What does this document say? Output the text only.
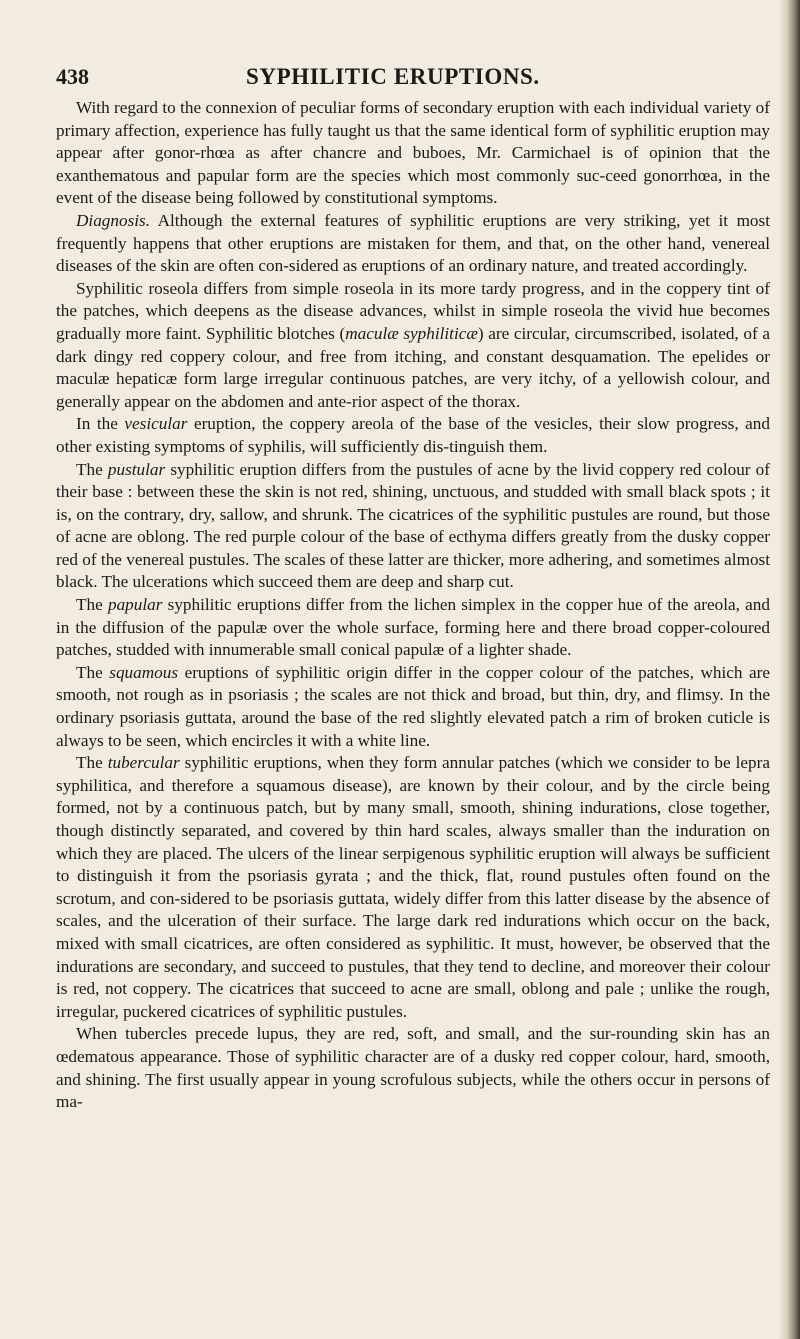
438	SYPHILITIC ERUPTIONS.

With regard to the connexion of peculiar forms of secondary eruption with each individual variety of primary affection, experience has fully taught us that the same identical form of syphilitic eruption may appear after gonor-rhœa as after chancre and buboes, Mr. Carmichael is of opinion that the exanthematous and papular form are the species which most commonly suc-ceed gonorrhœa, in the event of the disease being followed by constitutional symptoms.

Diagnosis. Although the external features of syphilitic eruptions are very striking, yet it most frequently happens that other eruptions are mistaken for them, and that, on the other hand, venereal diseases of the skin are often con-sidered as eruptions of an ordinary nature, and treated accordingly.

Syphilitic roseola differs from simple roseola in its more tardy progress, and in the coppery tint of the patches, which deepens as the disease advances, whilst in simple roseola the vivid hue becomes gradually more faint. Syphilitic blotches (maculæ syphiliticæ) are circular, circumscribed, isolated, of a dark dingy red coppery colour, and free from itching, and constant desquamation. The epelides or maculæ hepaticæ form large irregular continuous patches, are very itchy, of a yellowish colour, and generally appear on the abdomen and ante-rior aspect of the thorax.

In the vesicular eruption, the coppery areola of the base of the vesicles, their slow progress, and other existing symptoms of syphilis, will sufficiently dis-tinguish them.

The pustular syphilitic eruption differs from the pustules of acne by the livid coppery red colour of their base : between these the skin is not red, shining, unctuous, and studded with small black spots ; it is, on the contrary, dry, sallow, and shrunk. The cicatrices of the syphilitic pustules are round, but those of acne are oblong. The red purple colour of the base of ecthyma differs greatly from the dusky copper red of the venereal pustules. The scales of these latter are thicker, more adhering, and sometimes almost black. The ulcerations which succeed them are deep and sharp cut.

The papular syphilitic eruptions differ from the lichen simplex in the copper hue of the areola, and in the diffusion of the papulæ over the whole surface, forming here and there broad copper-coloured patches, studded with innumerable small conical papulæ of a lighter shade.

The squamous eruptions of syphilitic origin differ in the copper colour of the patches, which are smooth, not rough as in psoriasis ; the scales are not thick and broad, but thin, dry, and flimsy. In the ordinary psoriasis guttata, around the base of the red slightly elevated patch a rim of broken cuticle is always to be seen, which encircles it with a white line.

The tubercular syphilitic eruptions, when they form annular patches (which we consider to be lepra syphilitica, and therefore a squamous disease), are known by their colour, and by the circle being formed, not by a continuous patch, but by many small, smooth, shining indurations, close together, though distinctly separated, and covered by thin hard scales, always smaller than the induration on which they are placed. The ulcers of the linear serpigenous syphilitic eruption will always be sufficient to distinguish it from the psoriasis gyrata ; and the thick, flat, round pustules often found on the scrotum, and con-sidered to be psoriasis guttata, widely differ from this latter disease by the absence of scales, and the ulceration of their surface. The large dark red indurations which occur on the back, mixed with small cicatrices, are often considered as syphilitic. It must, however, be observed that the indurations are secondary, and succeed to pustules, that they tend to decline, and moreover their colour is red, not coppery. The cicatrices that succeed to acne are small, oblong and pale ; unlike the rough, irregular, puckered cicatrices of syphilitic pustules.

When tubercles precede lupus, they are red, soft, and small, and the sur-rounding skin has an œdematous appearance. Those of syphilitic character are of a dusky red copper colour, hard, smooth, and shining. The first usually appear in young scrofulous subjects, while the others occur in persons of ma-
